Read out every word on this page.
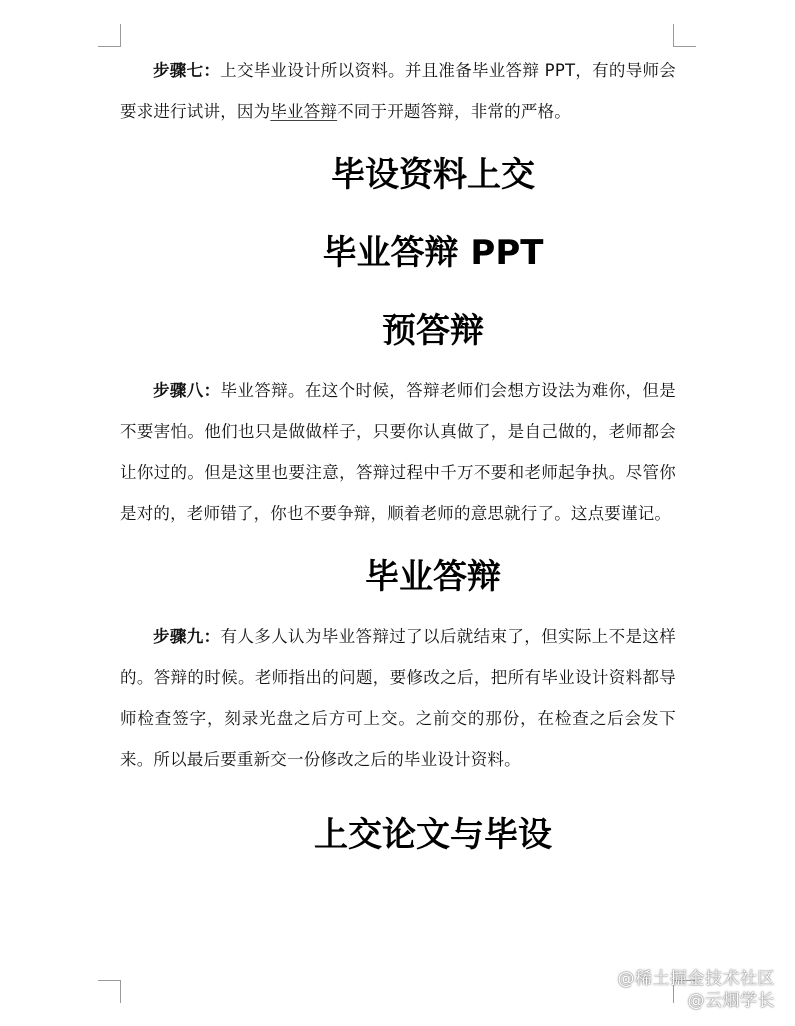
步骤七：上交毕业设计所以资料。并且准备毕业答辩 PPT，有的导师会要求进行试讲，因为毕业答辩不同于开题答辩，非常的严格。

毕设资料上交
毕业答辩 PPT
预答辩

步骤八：毕业答辩。在这个时候，答辩老师们会想方设法为难你，但是不要害怕。他们也只是做做样子，只要你认真做了，是自己做的，老师都会让你过的。但是这里也要注意，答辩过程中千万不要和老师起争执。尽管你是对的，老师错了，你也不要争辩，顺着老师的意思就行了。这点要谨记。

毕业答辩

步骤九：有人多人认为毕业答辩过了以后就结束了，但实际上不是这样的。答辩的时候。老师指出的问题，要修改之后，把所有毕业设计资料都导师检查签字，刻录光盘之后方可上交。之前交的那份，在检查之后会发下来。所以最后要重新交一份修改之后的毕业设计资料。

上交论文与毕设
@稀土掘金技术社区
@云烟学长
